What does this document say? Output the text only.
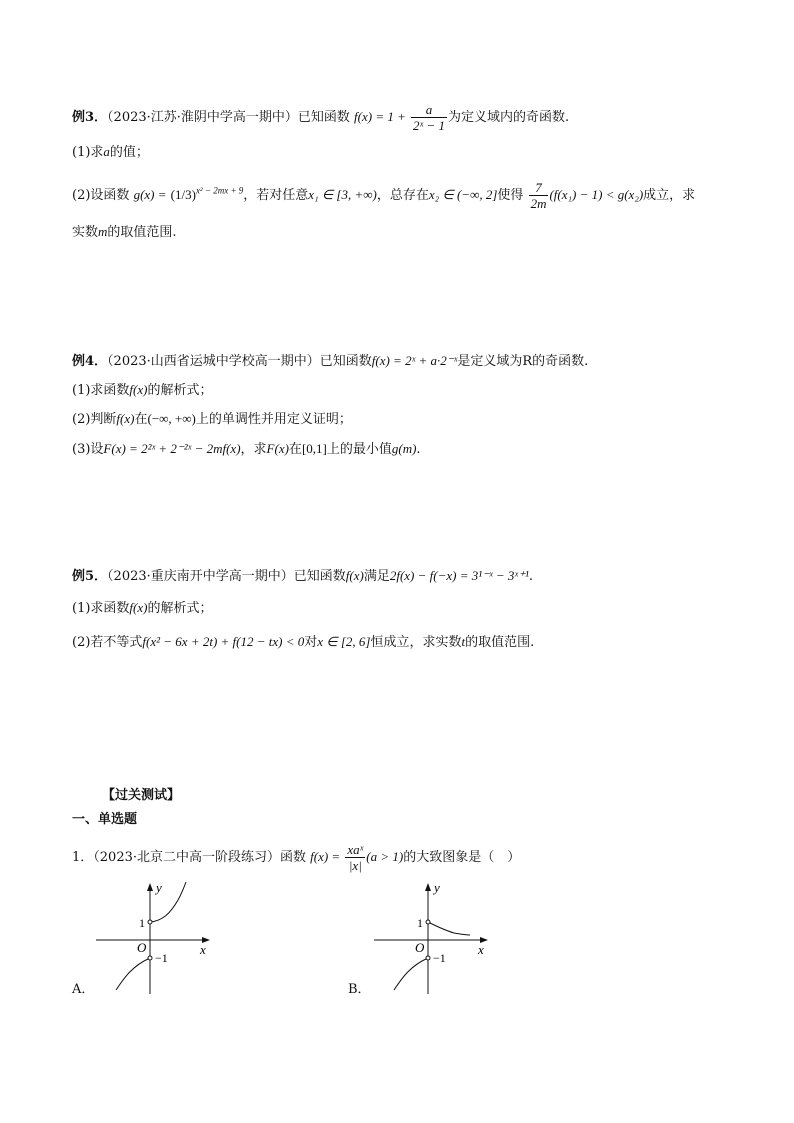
例3．（2023·江苏·淮阴中学高一期中）已知函数 $f(x) = 1 + \frac{a}{\text{2ˣ − 1}}$ 为定义域内的奇函数.
(1)求a的值；
(2)设函数 $g(x) = (1/3)^{x^2 - 2mx + 9}$，若对任意x₁ ∈ [3, +∞)，总存在x₂ ∈ (−∞, 2]使得 $\frac{7}{2m} (f(x_1) - 1) < g(x_2)$成立，求
实数m的取值范围.
例4．（2023·山西省运城中学校高一期中）已知函数f(x) = 2ˣ + a·2⁻ˣ是定义域为R的奇函数.
(1)求函数f(x)的解析式；
(2)判断f(x)在(−∞, +∞)上的单调性并用定义证明；
(3)设F(x) = 2²ˣ + 2⁻²ˣ − 2mf(x)，求F(x)在[0,1]上的最小值g(m).
例5．（2023·重庆南开中学高一期中）已知函数f(x)满足2f(x) − f(−x) = 3¹⁻ˣ − 3ˣ⁺¹.
(1)求函数f(x)的解析式；
(2)若不等式f(x² − 6x + 2t) + f(12 − tx) < 0对x ∈ [2, 6]恒成立，求实数t的取值范围.
【过关测试】
一、单选题
1．（2023·北京二中高一阶段练习）函数 $f(x) = \frac{\text{xaˣ}}{|x|} (a > 1)$的大致图象是（　）
A．
y
x
O
1
−1
B．
y
x
O
1
−1
